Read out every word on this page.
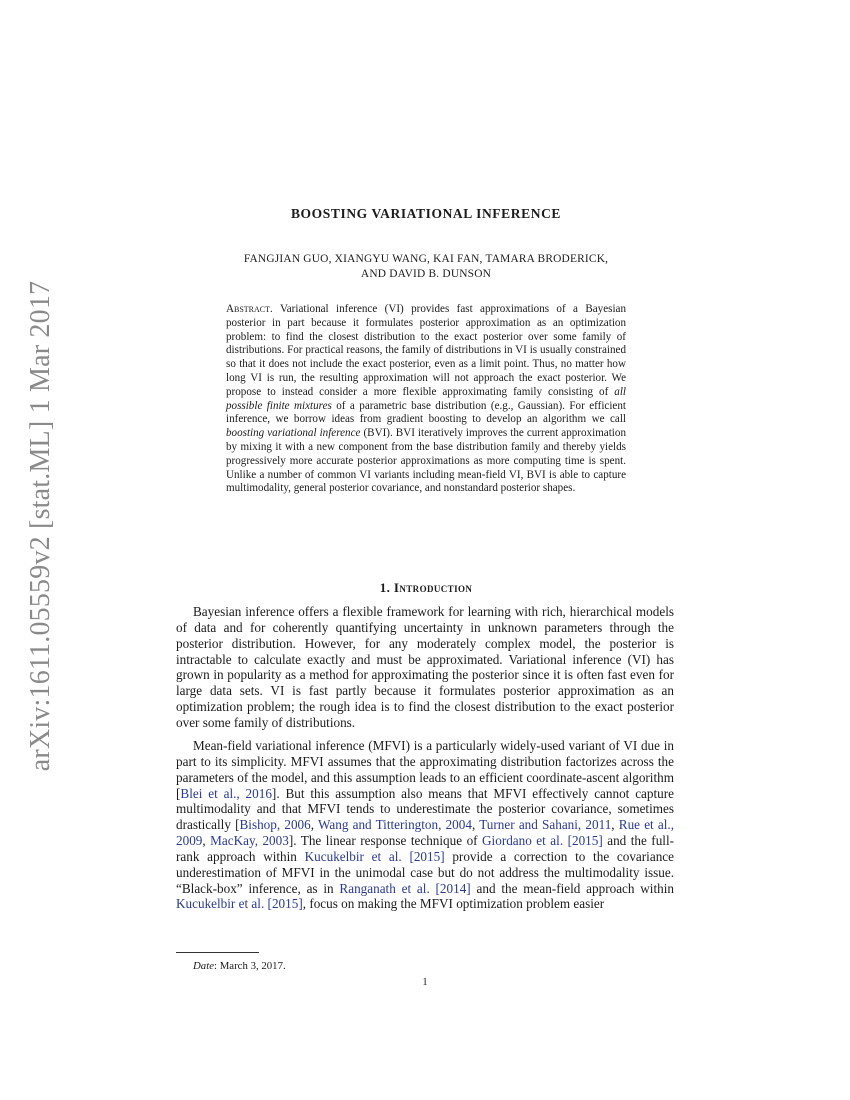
arXiv:1611.05559v2 [stat.ML] 1 Mar 2017
BOOSTING VARIATIONAL INFERENCE
FANGJIAN GUO, XIANGYU WANG, KAI FAN, TAMARA BRODERICK,
AND DAVID B. DUNSON

Abstract. Variational inference (VI) provides fast approximations of a Bayesian posterior in part because it formulates posterior approximation as an optimization problem: to find the closest distribution to the exact posterior over some family of distributions. For practical reasons, the family of distributions in VI is usually constrained so that it does not include the exact posterior, even as a limit point. Thus, no matter how long VI is run, the resulting approximation will not approach the exact posterior. We propose to instead consider a more flexible approximating family consisting of all possible finite mixtures of a parametric base distribution (e.g., Gaussian). For efficient inference, we borrow ideas from gradient boosting to develop an algorithm we call boosting variational inference (BVI). BVI iteratively improves the current approximation by mixing it with a new component from the base distribution family and thereby yields progressively more accurate posterior approximations as more computing time is spent. Unlike a number of common VI variants including mean-field VI, BVI is able to capture multimodality, general posterior covariance, and nonstandard posterior shapes.

1. Introduction

Bayesian inference offers a flexible framework for learning with rich, hierarchical models of data and for coherently quantifying uncertainty in unknown parameters through the posterior distribution. However, for any moderately complex model, the posterior is intractable to calculate exactly and must be approximated. Variational inference (VI) has grown in popularity as a method for approximating the posterior since it is often fast even for large data sets. VI is fast partly because it formulates posterior approximation as an optimization problem; the rough idea is to find the closest distribution to the exact posterior over some family of distributions.

Mean-field variational inference (MFVI) is a particularly widely-used variant of VI due in part to its simplicity. MFVI assumes that the approximating distribution factorizes across the parameters of the model, and this assumption leads to an efficient coordinate-ascent algorithm [Blei et al., 2016]. But this assumption also means that MFVI effectively cannot capture multimodality and that MFVI tends to underestimate the posterior covariance, sometimes drastically [Bishop, 2006, Wang and Titterington, 2004, Turner and Sahani, 2011, Rue et al., 2009, MacKay, 2003]. The linear response technique of Giordano et al. [2015] and the full-rank approach within Kucukelbir et al. [2015] provide a correction to the covariance underestimation of MFVI in the unimodal case but do not address the multimodality issue. “Black-box” inference, as in Ranganath et al. [2014] and the mean-field approach within Kucukelbir et al. [2015], focus on making the MFVI optimization problem easier

Date: March 3, 2017.
1
